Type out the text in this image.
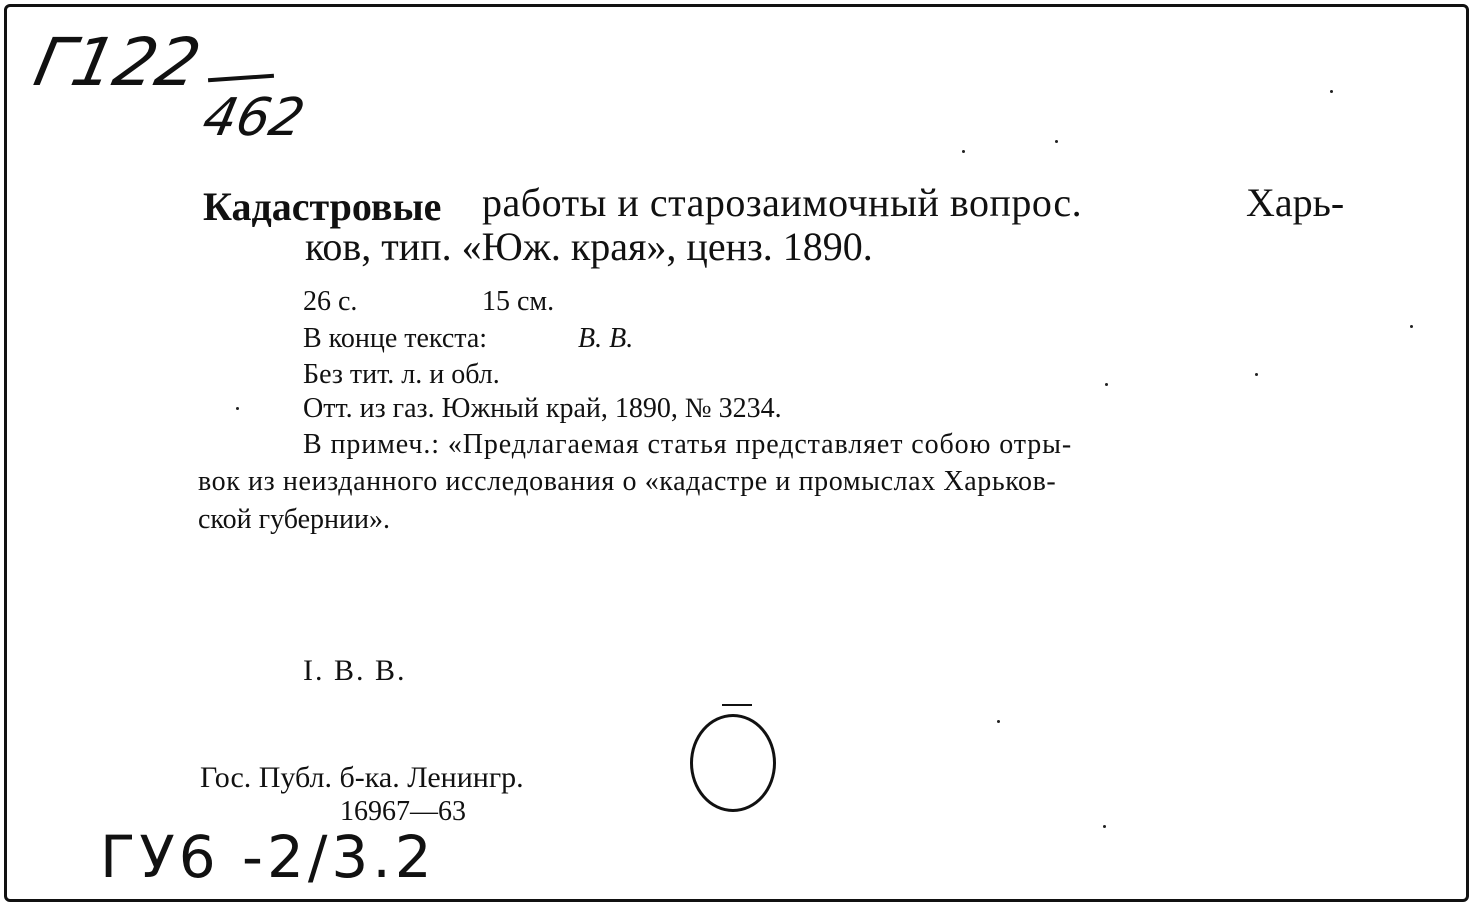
Г122
462
Кадастровые работы и старозаимочный вопрос.	Харь-
ков, тип. «Юж. края», ценз. 1890.
26 с.	15 см.
В конце текста:	В. В.
Без тит. л. и обл.
Отт. из газ. Южный край, 1890, № 3234.
В примеч.: «Предлагаемая статья представляет собою отры-
вок из неизданного исследования о «кадастре и промыслах Харьков-
ской губернии».
I. B. B.
Гос. Публ. б-ка. Ленингр.
16967—63
ГУ6 -2/3.2
